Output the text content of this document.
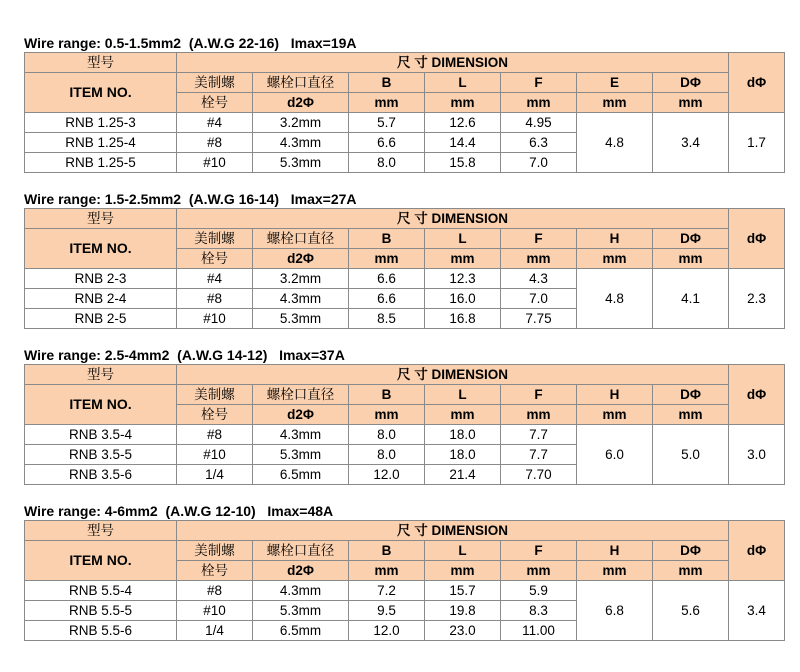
Wire range: 0.5-1.5mm2  (A.W.G 22-16)   Imax=19A
型号	尺 寸 DIMENSION							dΦ
ITEM NO.	美制螺	螺栓口直径	B	L	F	E	DΦ	
	栓号	d2Φ	mm	mm	mm	mm	mm	
RNB 1.25-3	#4	3.2mm	5.7	12.6	4.95	4.8	3.4	1.7
RNB 1.25-4	#8	4.3mm	6.6	14.4	6.3			
RNB 1.25-5	#10	5.3mm	8.0	15.8	7.0			
Wire range: 1.5-2.5mm2  (A.W.G 16-14)   Imax=27A
型号	尺 寸 DIMENSION							dΦ
ITEM NO.	美制螺	螺栓口直径	B	L	F	H	DΦ	
	栓号	d2Φ	mm	mm	mm	mm	mm	
RNB 2-3	#4	3.2mm	6.6	12.3	4.3	4.8	4.1	2.3
RNB 2-4	#8	4.3mm	6.6	16.0	7.0			
RNB 2-5	#10	5.3mm	8.5	16.8	7.75			
Wire range: 2.5-4mm2  (A.W.G 14-12)   Imax=37A
型号	尺 寸 DIMENSION							dΦ
ITEM NO.	美制螺	螺栓口直径	B	L	F	H	DΦ	
	栓号	d2Φ	mm	mm	mm	mm	mm	
RNB 3.5-4	#8	4.3mm	8.0	18.0	7.7	6.0	5.0	3.0
RNB 3.5-5	#10	5.3mm	8.0	18.0	7.7			
RNB 3.5-6	1/4	6.5mm	12.0	21.4	7.70			
Wire range: 4-6mm2  (A.W.G 12-10)   Imax=48A
型号	尺 寸 DIMENSION							dΦ
ITEM NO.	美制螺	螺栓口直径	B	L	F	H	DΦ	
	栓号	d2Φ	mm	mm	mm	mm	mm	
RNB 5.5-4	#8	4.3mm	7.2	15.7	5.9	6.8	5.6	3.4
RNB 5.5-5	#10	5.3mm	9.5	19.8	8.3			
RNB 5.5-6	1/4	6.5mm	12.0	23.0	11.00			
